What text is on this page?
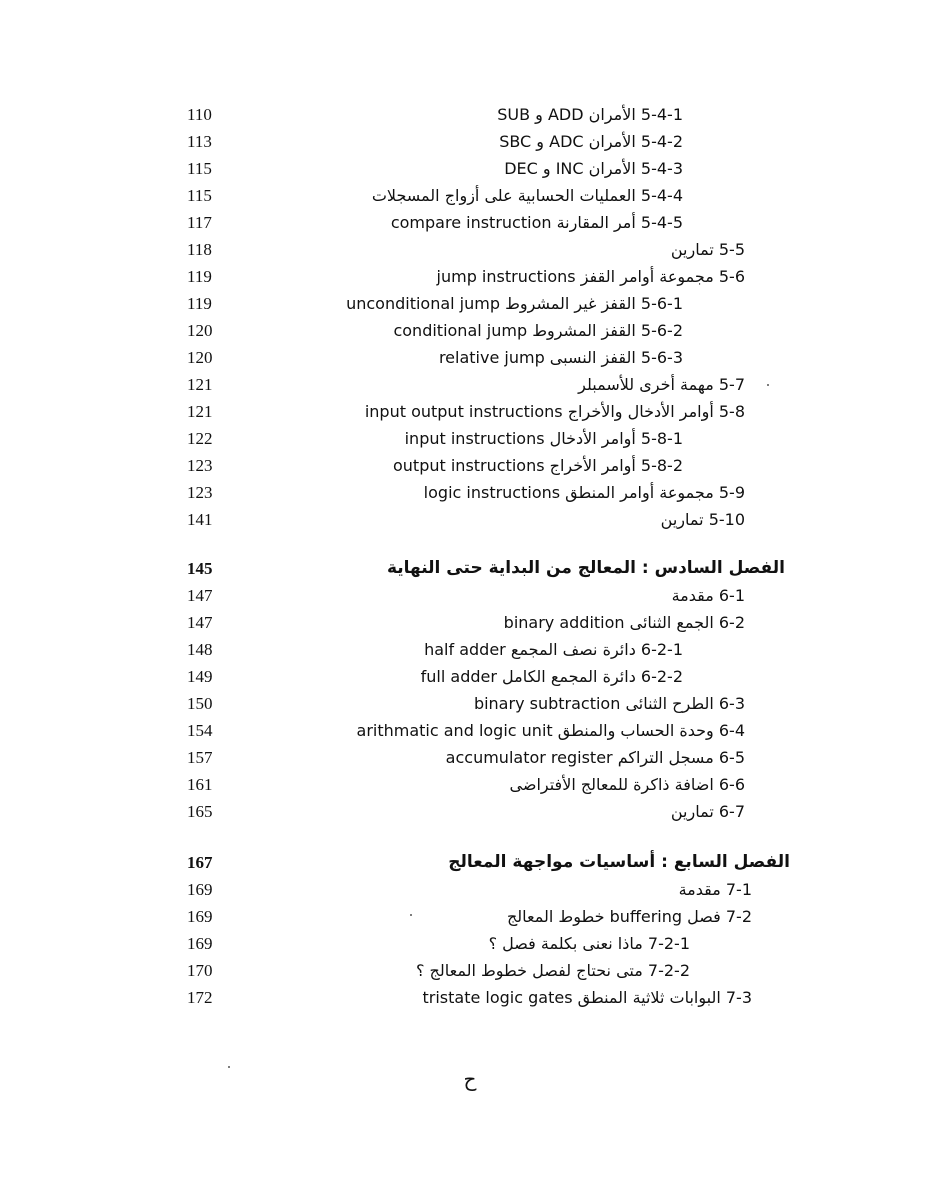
110	5-4-1 الأمران ADD و SUB
113	5-4-2 الأمران ADC و SBC
115	5-4-3 الأمران INC و DEC
115	5-4-4 العمليات الحسابية على أزواج المسجلات
117	5-4-5 أمر المقارنة compare instruction
118	5-5 تمارين
119	5-6 مجموعة أوامر القفز jump instructions
119	5-6-1 القفز غير المشروط unconditional jump
120	5-6-2 القفز المشروط conditional jump
120	5-6-3 القفز النسبى relative jump
121	5-7 مهمة أخرى للأسمبلر
121	5-8 أوامر الأدخال والأخراج input output instructions
122	5-8-1 أوامر الأدخال input instructions
123	5-8-2 أوامر الأخراج output instructions
123	5-9 مجموعة أوامر المنطق logic instructions
141	5-10 تمارين
145	الفصل السادس : المعالج من البداية حتى النهاية
147	6-1 مقدمة
147	6-2 الجمع الثنائى binary addition
148	6-2-1 دائرة نصف المجمع half adder
149	6-2-2 دائرة المجمع الكامل full adder
150	6-3 الطرح الثنائى binary subtraction
154	6-4 وحدة الحساب والمنطق arithmatic and logic unit
157	6-5 مسجل التراكم accumulator register
161	6-6 اضافة ذاكرة للمعالج الأفتراضى
165	6-7 تمارين
167	الفصل السابع : أساسيات مواجهة المعالج
169	7-1 مقدمة
169	7-2 فصل buffering خطوط المعالج
169	7-2-1 ماذا نعنى بكلمة فصل ؟
170	7-2-2 متى نحتاج لفصل خطوط المعالج ؟
172	7-3 البوابات ثلاثية المنطق tristate logic gates
ح
